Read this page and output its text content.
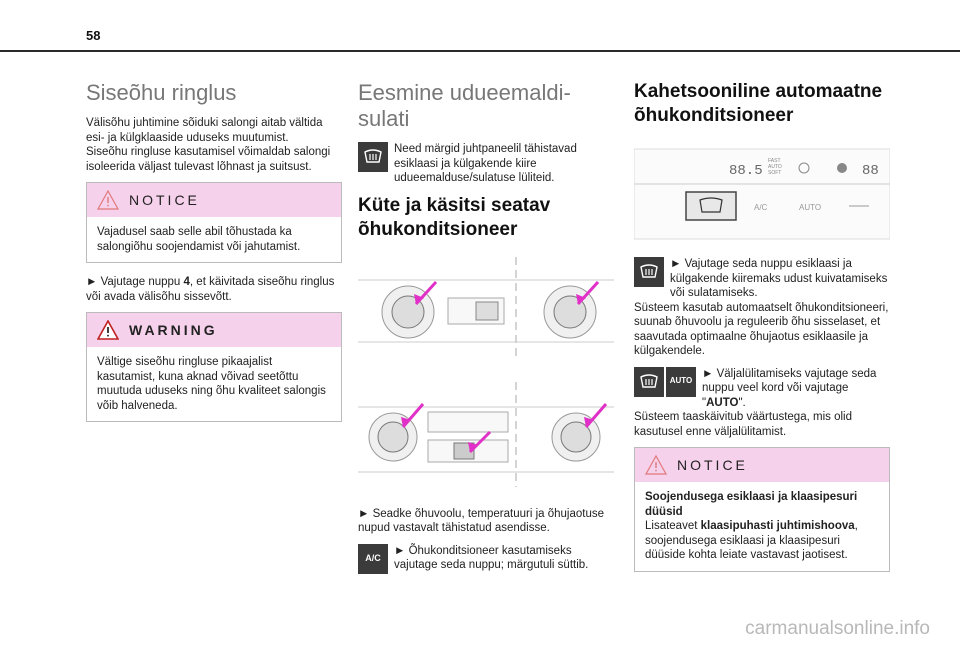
58
Siseõhu ringlus

Välisõhu juhtimine sõiduki salongi aitab vältida esi- ja külgklaaside uduseks muutumist.
Siseõhu ringluse kasutamisel võimaldab salongi isoleerida väljast tulevast lõhnast ja suitsust.

NOTICE
Vajadusel saab selle abil tõhustada ka salongiõhu soojendamist või jahutamist.

► Vajutage nuppu 4, et käivitada siseõhu ringlus või avada välisõhu sissevõtt.

WARNING
Vältige siseõhu ringluse pikaajalist kasutamist, kuna aknad võivad seetõttu muutuda uduseks ning õhu kvaliteet salongis võib halveneda.
Eesmine udueemaldi-sulati

Need märgid juhtpaneelil tähistavad esiklaasi ja külgakende kiire udueemalduse/sulatuse lüliteid.

Küte ja käsitsi seatav õhukonditsioneer

► Seadke õhuvoolu, temperatuuri ja õhujaotuse nupud vastavalt tähistatud asendisse.

A/C
► Õhukonditsioneer kasutamiseks vajutage seda nuppu; märgutuli süttib.

Kahetsooniline automaatne õhukonditsioneer
88.5
FAST
AUTO
SOFT	88
A/C	AUTO

► Vajutage seda nuppu esiklaasi ja külgakende kiiremaks udust kuivatamiseks või sulatamiseks.
Süsteem kasutab automaatselt õhukonditsioneeri, suunab õhuvoolu ja reguleerib õhu sisselaset, et saavutada optimaalne õhujaotus esiklaasile ja külgakendele.

AUTO
► Väljalülitamiseks vajutage seda nuppu veel kord või vajutage "AUTO".
Süsteem taaskäivitub väärtustega, mis olid kasutusel enne väljalülitamist.

NOTICE
Soojendusega esiklaasi ja klaasipesuri düüsid
Lisateavet klaasipuhasti juhtimishoovа, soojendusega esiklaasi ja klaasipesuri düüside kohta leiate vastavast jaotisest.
carmanualsonline.info
